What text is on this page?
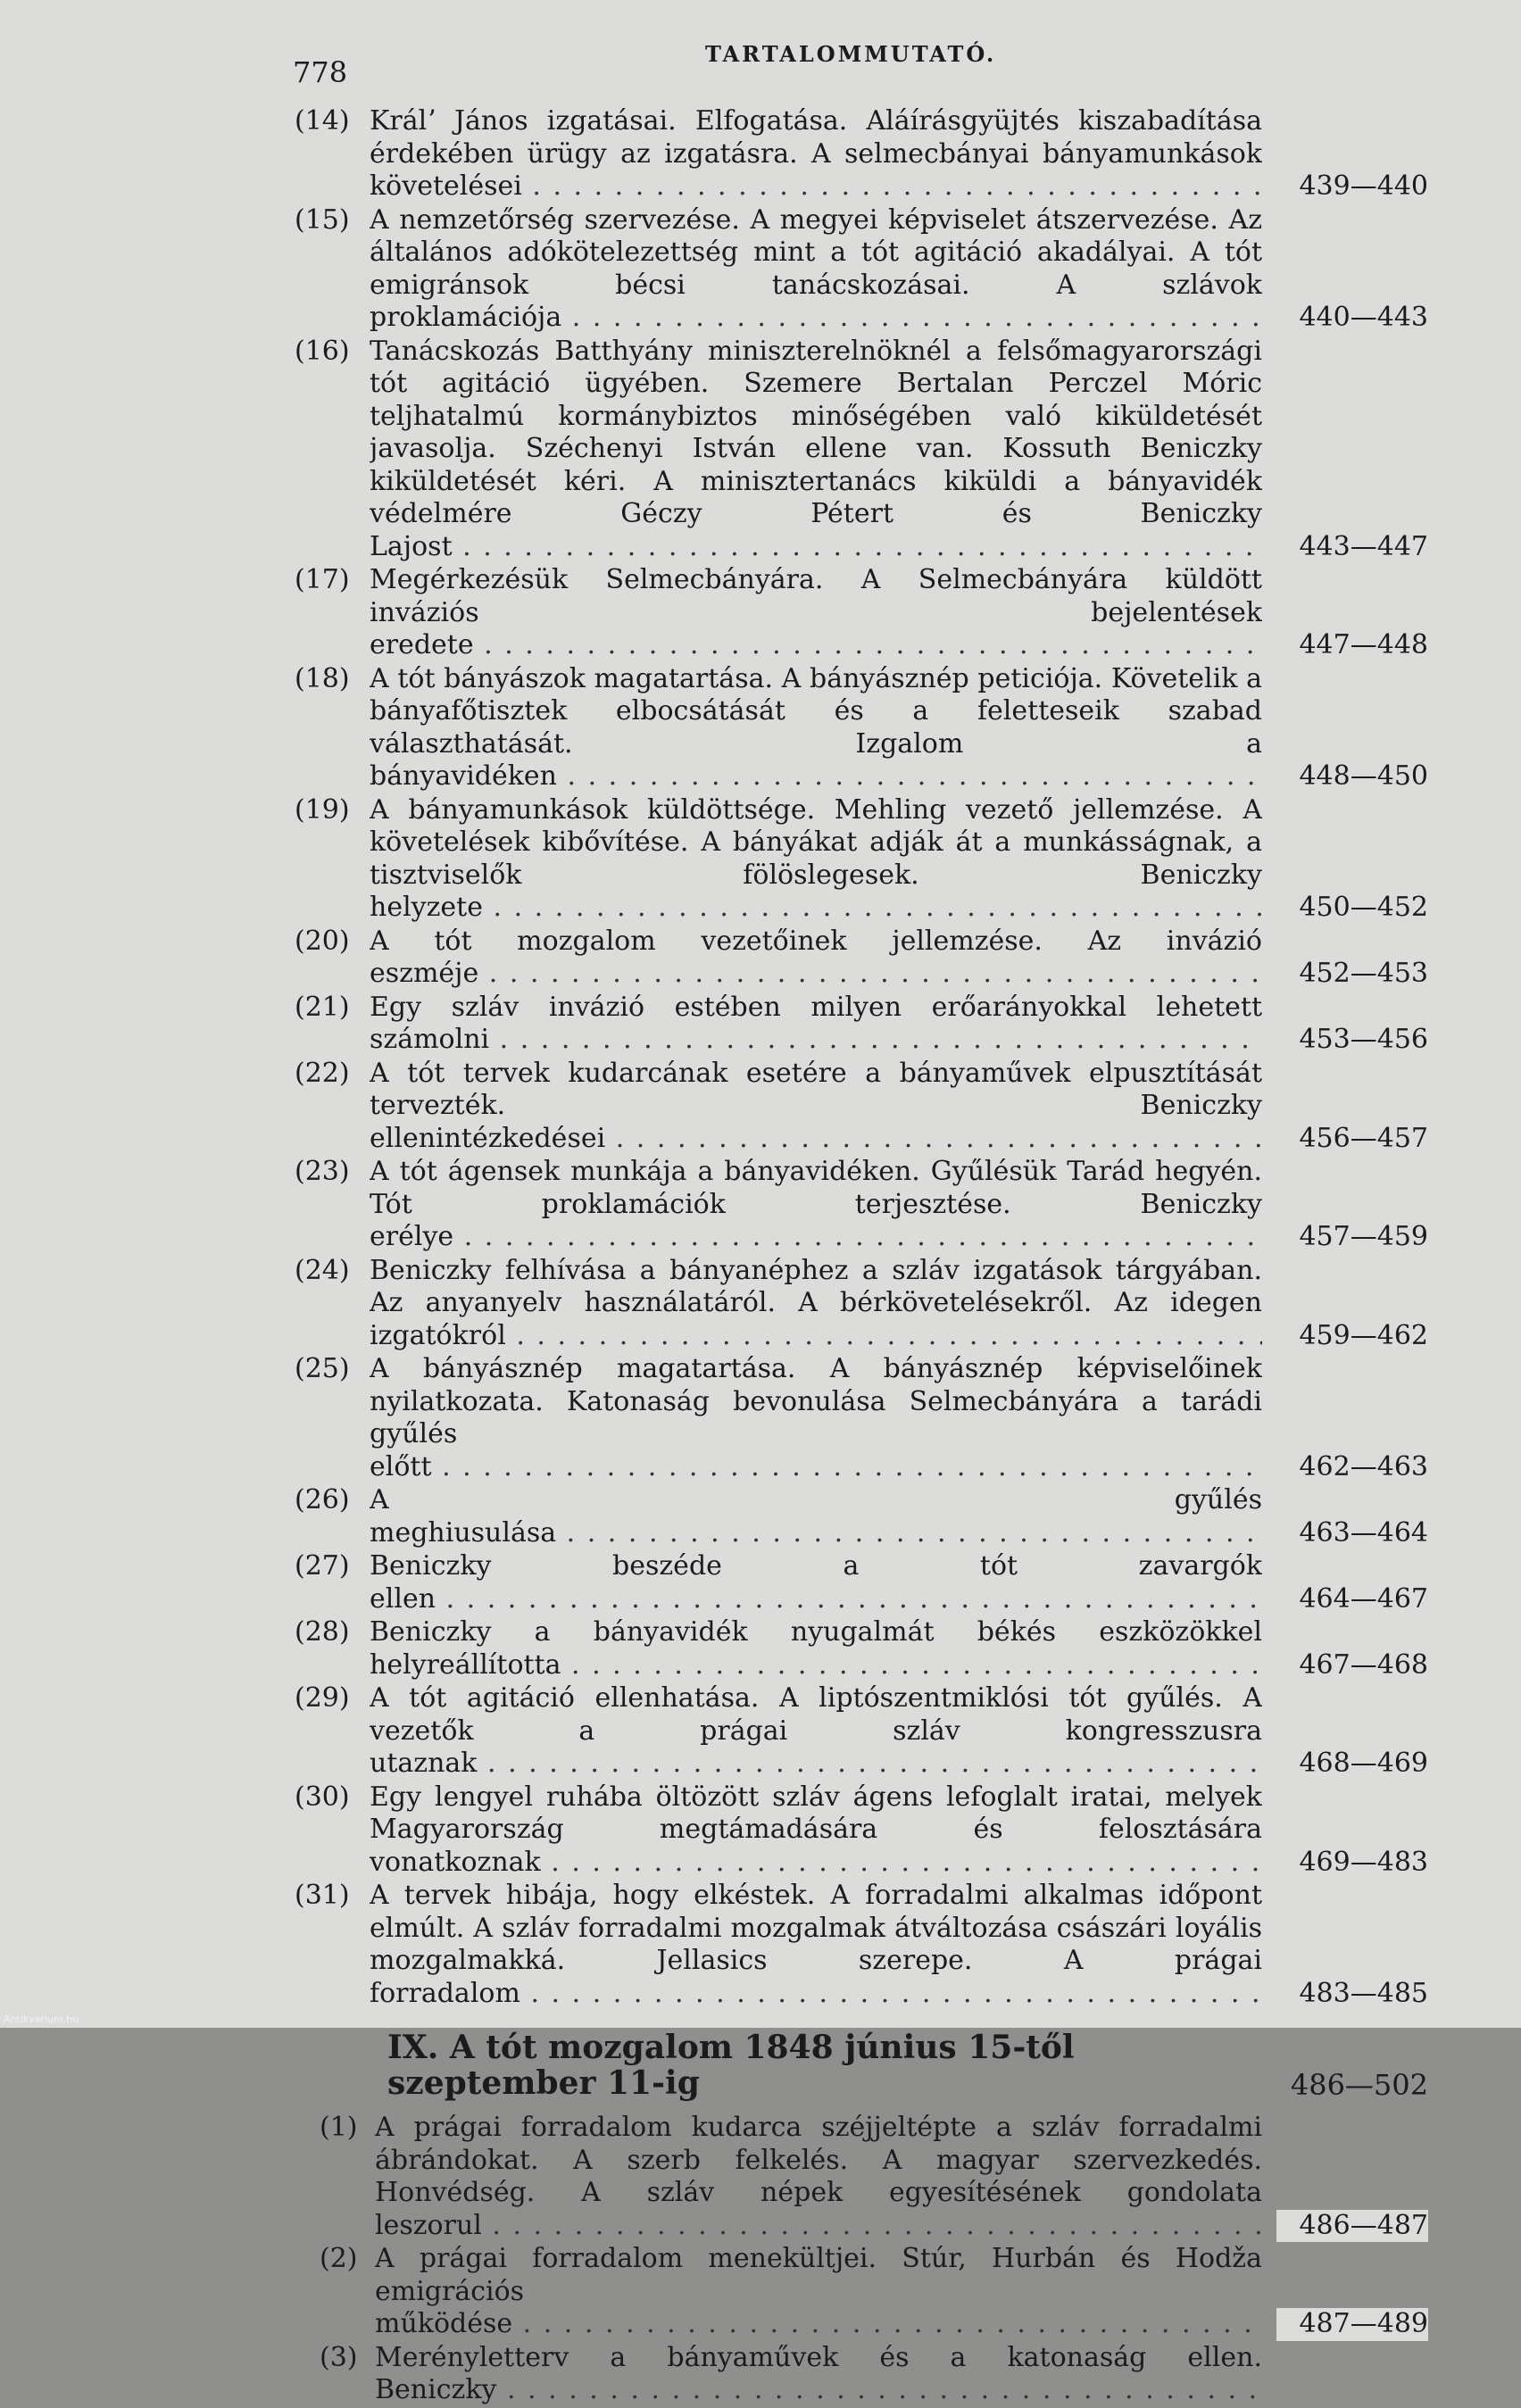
778
TARTALOMMUTATÓ.
(14) Králʼ János izgatásai. Elfogatása. Aláírásgyüjtés kiszabadítása érdekében ürügy az izgatásra. A selmecbányai bányamunkások követelései . . .	439—440
(15) A nemzetőrség szervezése. A megyei képviselet átszervezése. Az általános adókötelezettség mint a tót agitáció akadályai. A tót emigránsok bécsi tanácskozásai. A szlávok proklamációja . . .	440—443
(16) Tanácskozás Batthyány miniszterelnöknél a felsőmagyarországi tót agitáció ügyében. Szemere Bertalan Perczel Móric teljhatalmú kormánybiztos minőségében való kiküldetését javasolja. Széchenyi István ellene van. Kossuth Beniczky kiküldetését kéri. A minisztertanács kiküldi a bányavidék védelmére Géczy Pétert és Beniczky Lajost . . .	443—447
(17) Megérkezésük Selmecbányára. A Selmecbányára küldött inváziós bejelentések eredete . . .	447—448
(18) A tót bányászok magatartása. A bányásznép peticiója. Követelik a bányafőtisztek elbocsátását és a feletteseik szabad választhatását. Izgalom a bányavidéken . . .	448—450
(19) A bányamunkások küldöttsége. Mehling vezető jellemzése. A követelések kibővítése. A bányákat adják át a munkásságnak, a tisztviselők fölöslegesek. Beniczky helyzete . . .	450—452
(20) A tót mozgalom vezetőinek jellemzése. Az invázió eszméje . . .	452—453
(21) Egy szláv invázió estében milyen erőarányokkal lehetett számolni . . .	453—456
(22) A tót tervek kudarcának esetére a bányaművek elpusztítását tervezték. Beniczky ellenintézkedései . . .	456—457
(23) A tót ágensek munkája a bányavidéken. Gyűlésük Tarád hegyén. Tót proklamációk terjesztése. Beniczky erélye . . .	457—459
(24) Beniczky felhívása a bányanéphez a szláv izgatások tárgyában. Az anyanyelv használatáról. A bérkövetelésekről. Az idegen izgatókról . . .	459—462
(25) A bányásznép magatartása. A bányásznép képviselőinek nyilatkozata. Katonaság bevonulása Selmecbányára a tarádi gyűlés előtt . . .	462—463
(26) A gyűlés meghiusulása . . .	463—464
(27) Beniczky beszéde a tót zavargók ellen . . .	464—467
(28) Beniczky a bányavidék nyugalmát békés eszközökkel helyreállította . . .	467—468
(29) A tót agitáció ellenhatása. A liptószentmiklósi tót gyűlés. A vezetők a prágai szláv kongresszusra utaznak . . .	468—469
(30) Egy lengyel ruhába öltözött szláv ágens lefoglalt iratai, melyek Magyarország megtámadására és felosztására vonatkoznak . . .	469—483
(31) A tervek hibája, hogy elkéstek. A forradalmi alkalmas időpont elmúlt. A szláv forradalmi mozgalmak átváltozása császári loyális mozgalmakká. Jellasics szerepe. A prágai forradalom . . .	483—485
IX. A tót mozgalom 1848 június 15-től szeptember 11-ig	486—502
(1) A prágai forradalom kudarca széjjeltépte a szláv forradalmi ábrándokat. A szerb felkelés. A magyar szervezkedés. Honvédség. A szláv népek egyesítésének gondolata leszorul . . .	486—487
(2) A prágai forradalom menekültjei. Stúr, Hurbán és Hodža emigrációs működése . . .	487—489
(3) Merényletterv a bányaművek és a katonaság ellen. Beniczky . . .
Antikvarium.hu
